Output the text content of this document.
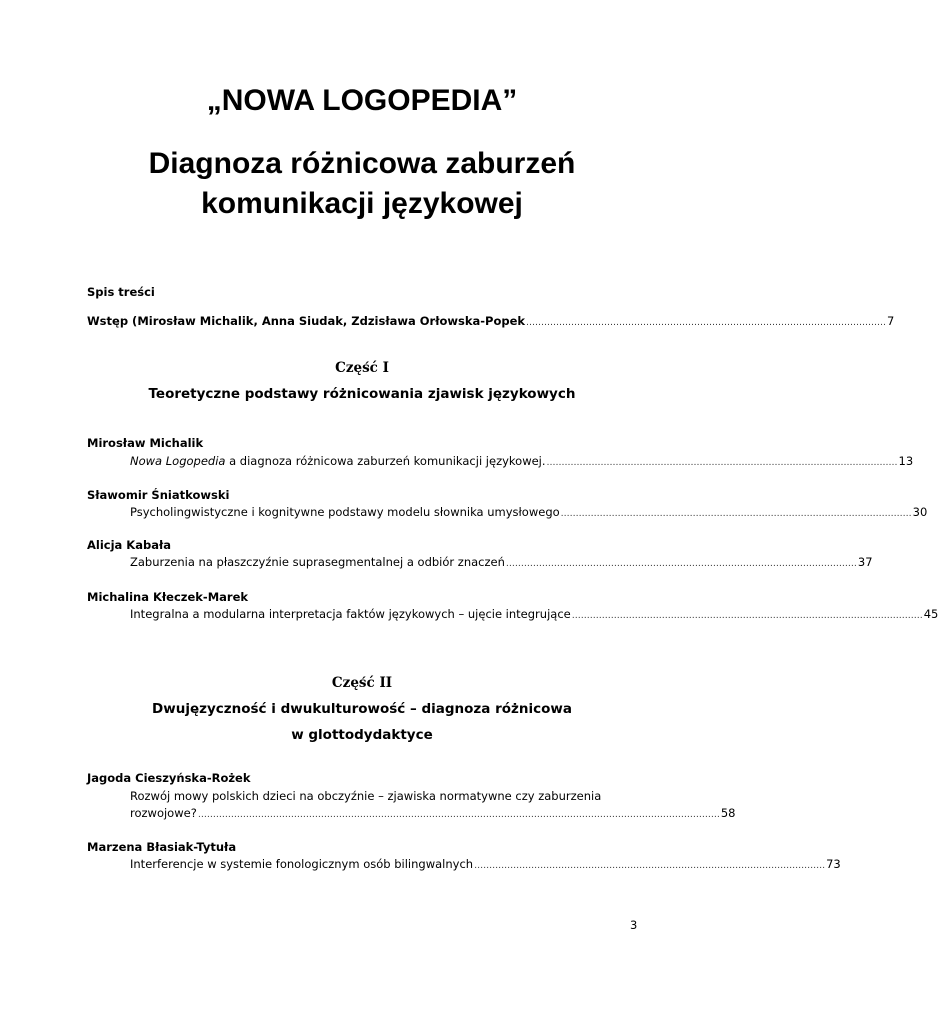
„NOWA LOGOPEDIA”
Diagnoza różnicowa zaburzeń
komunikacji językowej
Spis treści
Wstęp (Mirosław Michalik, Anna Siudak, Zdzisława Orłowska-Popek ………………………………………………………………………………………………………… 7
Część I
Teoretyczne podstawy różnicowania zjawisk językowych
Mirosław Michalik
Nowa Logopedia a diagnoza różnicowa zaburzeń komunikacji językowej. ……………………………………………………………………………………………………… 13
Sławomir Śniatkowski
Psycholingwistyczne i kognitywne podstawy modelu słownika umysłowego ……………………………………………………………………………………………………… 30
Alicja Kabała
Zaburzenia na płaszczyźnie suprasegmentalnej a odbiór znaczeń ……………………………………………………………………………………………………… 37
Michalina Kłeczek-Marek
Integralna a modularna interpretacja faktów językowych – ujęcie integrujące ……………………………………………………………………………………………………… 45
Część II
Dwujęzyczność i dwukulturowość – diagnoza różnicowa
w glottodydaktyce
Jagoda Cieszyńska-Rożek
Rozwój mowy polskich dzieci na obczyźnie – zjawiska normatywne czy zaburzenia
rozwojowe? ………………………………………………………………………………………………………………………………………………………… 58
Marzena Błasiak-Tytuła
Interferencje w systemie fonologicznym osób bilingwalnych ……………………………………………………………………………………………………… 73
3
